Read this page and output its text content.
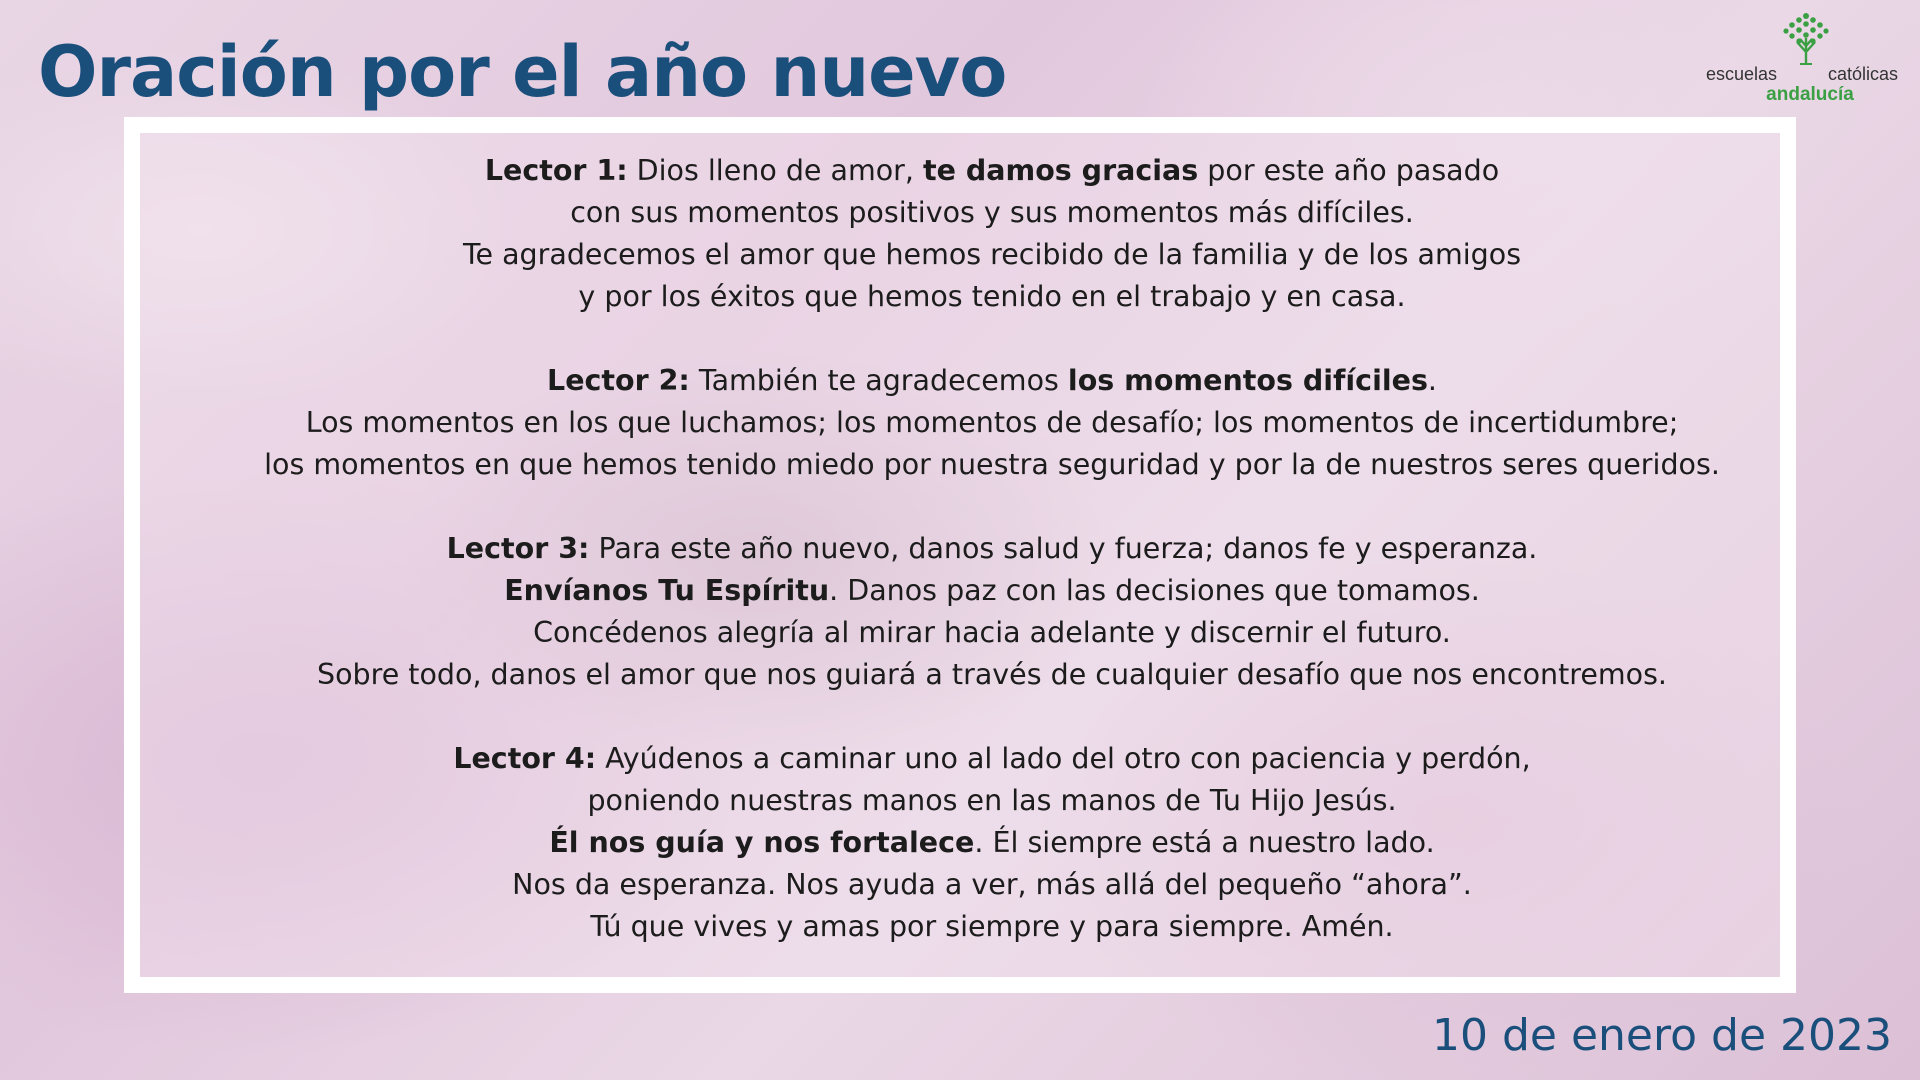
Oración por el año nuevo	escuelas	católicas
andalucía

Lector 1: Dios lleno de amor, te damos gracias por este año pasado
con sus momentos positivos y sus momentos más difíciles.
Te agradecemos el amor que hemos recibido de la familia y de los amigos
y por los éxitos que hemos tenido en el trabajo y en casa.

Lector 2: También te agradecemos los momentos difíciles.
Los momentos en los que luchamos; los momentos de desafío; los momentos de incertidumbre;
los momentos en que hemos tenido miedo por nuestra seguridad y por la de nuestros seres queridos.

Lector 3: Para este año nuevo, danos salud y fuerza; danos fe y esperanza.
Envíanos Tu Espíritu. Danos paz con las decisiones que tomamos.
Concédenos alegría al mirar hacia adelante y discernir el futuro.
Sobre todo, danos el amor que nos guiará a través de cualquier desafío que nos encontremos.

Lector 4: Ayúdenos a caminar uno al lado del otro con paciencia y perdón,
poniendo nuestras manos en las manos de Tu Hijo Jesús.
Él nos guía y nos fortalece. Él siempre está a nuestro lado.
Nos da esperanza. Nos ayuda a ver, más allá del pequeño “ahora”.
Tú que vives y amas por siempre y para siempre. Amén.

10 de enero de 2023
